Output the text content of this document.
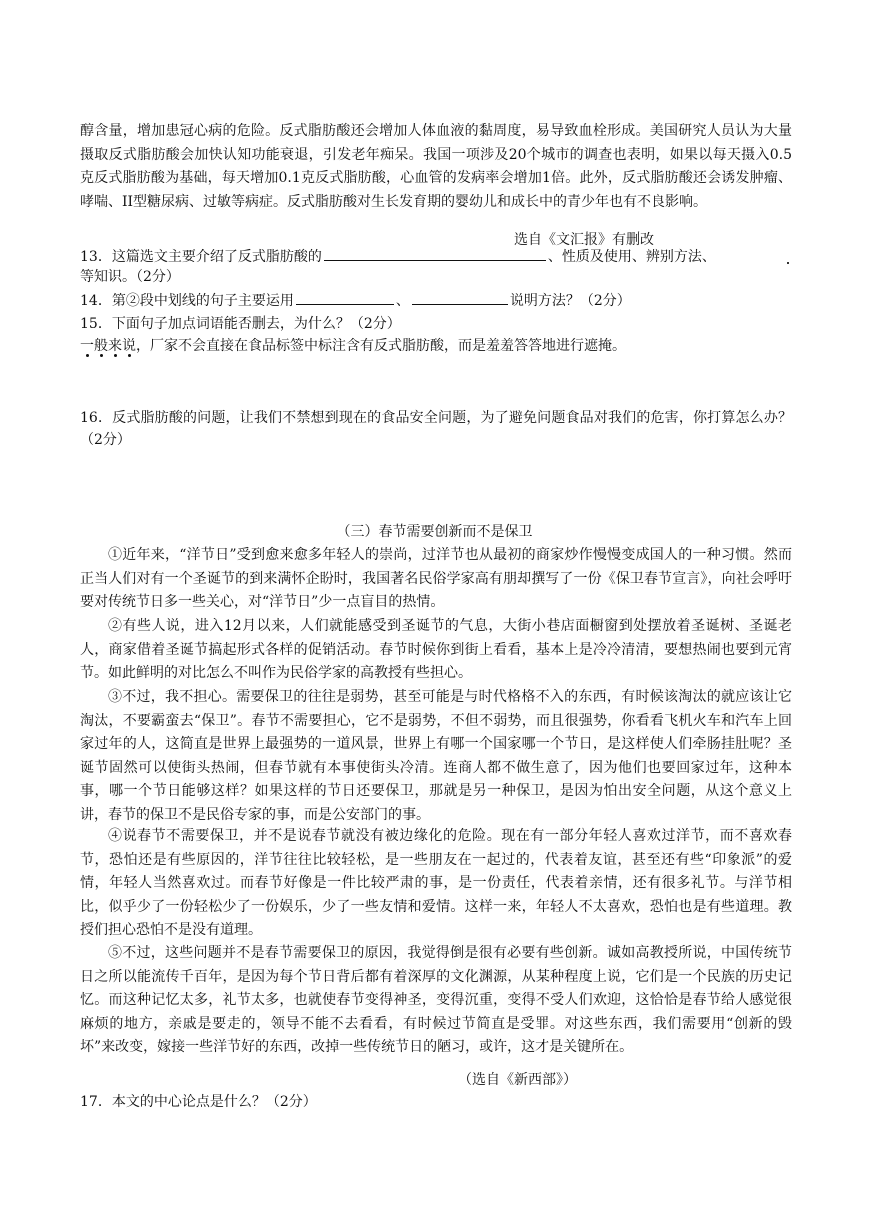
醇含量，增加患冠心病的危险。反式脂肪酸还会增加人体血液的黏周度，易导致血栓形成。美国研究人员认为大量摄取反式脂肪酸会加快认知功能衰退，引发老年痴呆。我国一项涉及20个城市的调查也表明，如果以每天摄入0.5克反式脂肪酸为基础，每天增加0.1克反式脂肪酸，心血管的发病率会增加1倍。此外，反式脂肪酸还会诱发肿瘤、哮喘、II型糖尿病、过敏等病症。反式脂肪酸对生长发育期的婴幼儿和成长中的青少年也有不良影响。

选自《文汇报》有删改
13．这篇选文主要介绍了反式脂肪酸的	、性质及使用、辨别方法、
等知识。（2分）
14．第②段中划线的句子主要运用	、	说明方法？（2分）
15．下面句子加点词语能否删去，为什么？（2分）
一般来说，厂家不会直接在食品标签中标注含有反式脂肪酸，而是羞羞答答地进行遮掩。

16．反式脂肪酸的问题，让我们不禁想到现在的食品安全问题，为了避免问题食品对我们的危害，你打算怎么办？（2分）

（三）春节需要创新而不是保卫

①近年来，“洋节日”受到愈来愈多年轻人的崇尚，过洋节也从最初的商家炒作慢慢变成国人的一种习惯。然而正当人们对有一个圣诞节的到来满怀企盼时，我国著名民俗学家高有朋却撰写了一份《保卫春节宣言》，向社会呼吁要对传统节日多一些关心，对“洋节日”少一点盲目的热情。

②有些人说，进入12月以来，人们就能感受到圣诞节的气息，大街小巷店面橱窗到处摆放着圣诞树、圣诞老人，商家借着圣诞节搞起形式各样的促销活动。春节时候你到街上看看，基本上是冷冷清清，要想热闹也要到元宵节。如此鲜明的对比怎么不叫作为民俗学家的高教授有些担心。

③不过，我不担心。需要保卫的往往是弱势，甚至可能是与时代格格不入的东西，有时候该淘汰的就应该让它淘汰，不要霸蛮去“保卫”。春节不需要担心，它不是弱势，不但不弱势，而且很强势，你看看飞机火车和汽车上回家过年的人，这简直是世界上最强势的一道风景，世界上有哪一个国家哪一个节日，是这样使人们牵肠挂肚呢？圣诞节固然可以使街头热闹，但春节就有本事使街头冷清。连商人都不做生意了，因为他们也要回家过年，这种本事，哪一个节日能够这样？如果这样的节日还要保卫，那就是另一种保卫，是因为怕出安全问题，从这个意义上讲，春节的保卫不是民俗专家的事，而是公安部门的事。

④说春节不需要保卫，并不是说春节就没有被边缘化的危险。现在有一部分年轻人喜欢过洋节，而不喜欢春节，恐怕还是有些原因的，洋节往往比较轻松，是一些朋友在一起过的，代表着友谊，甚至还有些“印象派”的爱情，年轻人当然喜欢过。而春节好像是一件比较严肃的事，是一份责任，代表着亲情，还有很多礼节。与洋节相比，似乎少了一份轻松少了一份娱乐，少了一些友情和爱情。这样一来，年轻人不太喜欢，恐怕也是有些道理。教授们担心恐怕不是没有道理。

⑤不过，这些问题并不是春节需要保卫的原因，我觉得倒是很有必要有些创新。诚如高教授所说，中国传统节日之所以能流传千百年，是因为每个节日背后都有着深厚的文化渊源，从某种程度上说，它们是一个民族的历史记忆。而这种记忆太多，礼节太多，也就使春节变得神圣，变得沉重，变得不受人们欢迎，这恰恰是春节给人感觉很麻烦的地方，亲戚是要走的，领导不能不去看看，有时候过节简直是受罪。对这些东西，我们需要用“创新的毁坏”来改变，嫁接一些洋节好的东西，改掉一些传统节日的陋习，或许，这才是关键所在。

（选自《新西部》）
17．本文的中心论点是什么？（2分）
